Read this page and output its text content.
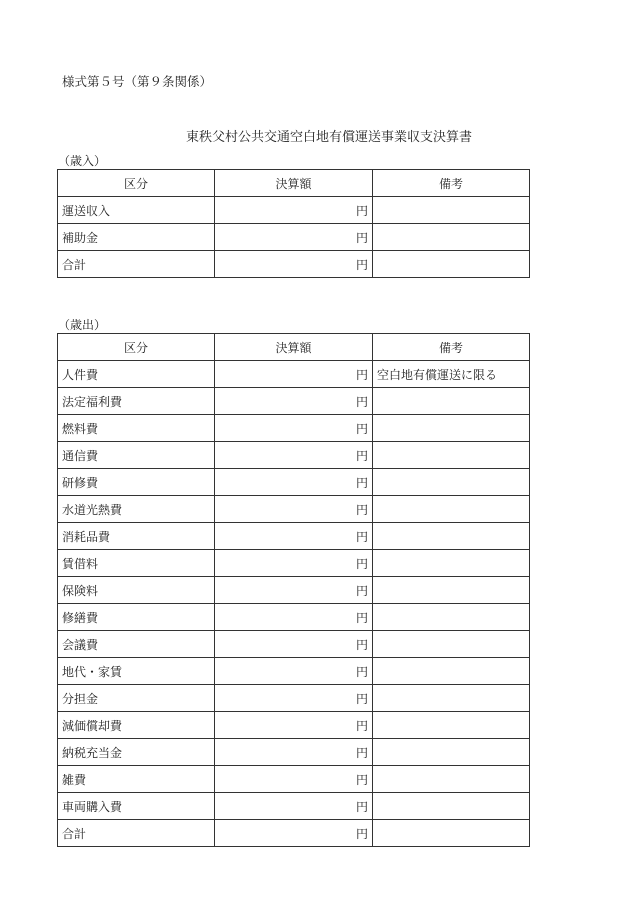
様式第５号（第９条関係）
東秩父村公共交通空白地有償運送事業収支決算書
（歳入）
区分	決算額	備考
運送収入	円	
補助金	円	
合計	円	
（歳出）
区分	決算額	備考
人件費	円	空白地有償運送に限る
法定福利費	円	
燃料費	円	
通信費	円	
研修費	円	
水道光熱費	円	
消耗品費	円	
賃借料	円	
保険料	円	
修繕費	円	
会議費	円	
地代・家賃	円	
分担金	円	
減価償却費	円	
納税充当金	円	
雑費	円	
車両購入費	円	
合計	円	
